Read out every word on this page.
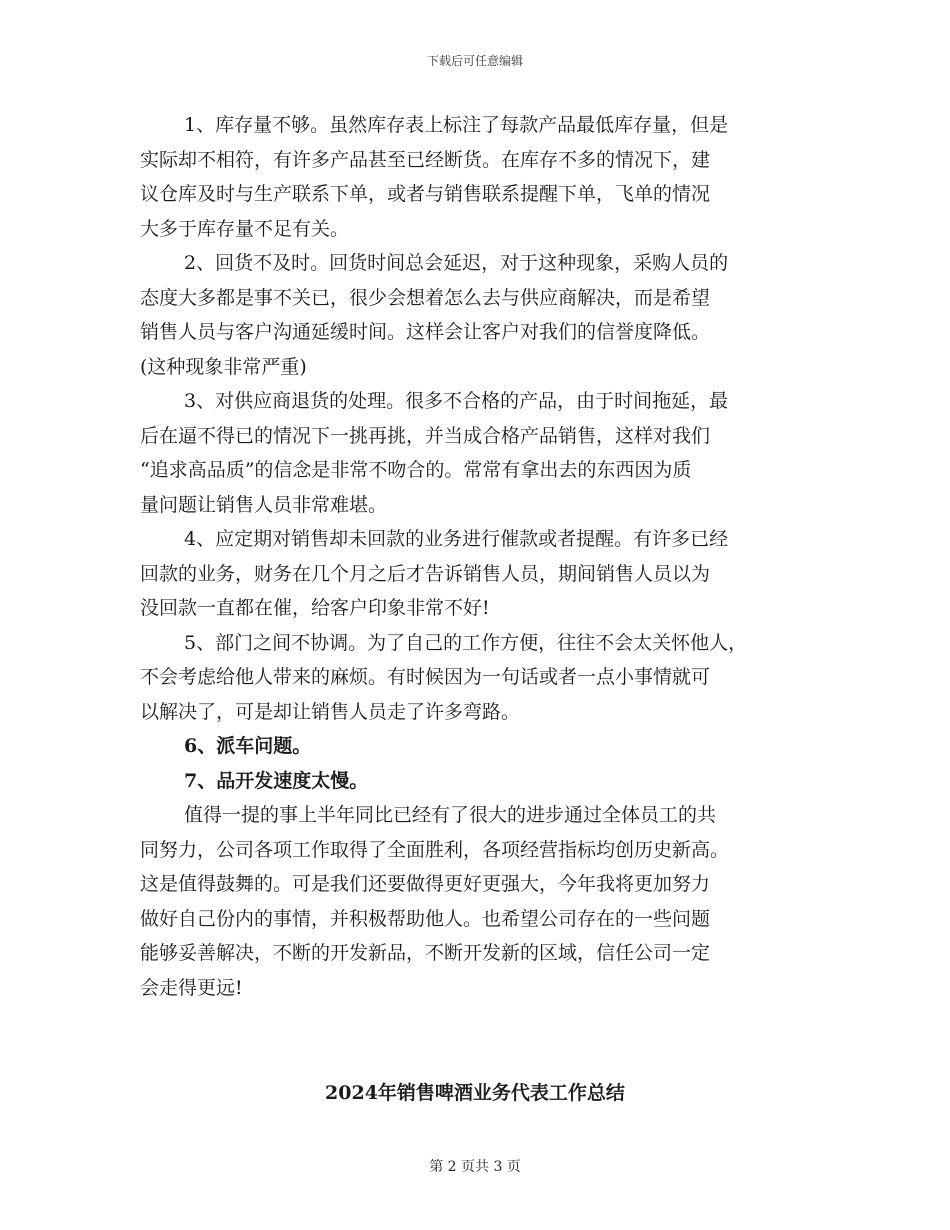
下载后可任意编辑

1、库存量不够。虽然库存表上标注了每款产品最低库存量，但是
实际却不相符，有许多产品甚至已经断货。在库存不多的情况下，建
议仓库及时与生产联系下单，或者与销售联系提醒下单，飞单的情况
大多于库存量不足有关。

2、回货不及时。回货时间总会延迟，对于这种现象，采购人员的
态度大多都是事不关已，很少会想着怎么去与供应商解决，而是希望
销售人员与客户沟通延缓时间。这样会让客户对我们的信誉度降低。
(这种现象非常严重)

3、对供应商退货的处理。很多不合格的产品，由于时间拖延，最
后在逼不得已的情况下一挑再挑，并当成合格产品销售，这样对我们
“追求高品质”的信念是非常不吻合的。常常有拿出去的东西因为质
量问题让销售人员非常难堪。

4、应定期对销售却未回款的业务进行催款或者提醒。有许多已经
回款的业务，财务在几个月之后才告诉销售人员，期间销售人员以为
没回款一直都在催，给客户印象非常不好!

5、部门之间不协调。为了自己的工作方便，往往不会太关怀他人，
不会考虑给他人带来的麻烦。有时候因为一句话或者一点小事情就可
以解决了，可是却让销售人员走了许多弯路。

6、派车问题。

7、品开发速度太慢。

值得一提的事上半年同比已经有了很大的进步通过全体员工的共
同努力，公司各项工作取得了全面胜利，各项经营指标均创历史新高。
这是值得鼓舞的。可是我们还要做得更好更强大，今年我将更加努力
做好自己份内的事情，并积极帮助他人。也希望公司存在的一些问题
能够妥善解决，不断的开发新品，不断开发新的区域，信任公司一定
会走得更远!

2024年销售啤酒业务代表工作总结
第 2 页共 3 页
